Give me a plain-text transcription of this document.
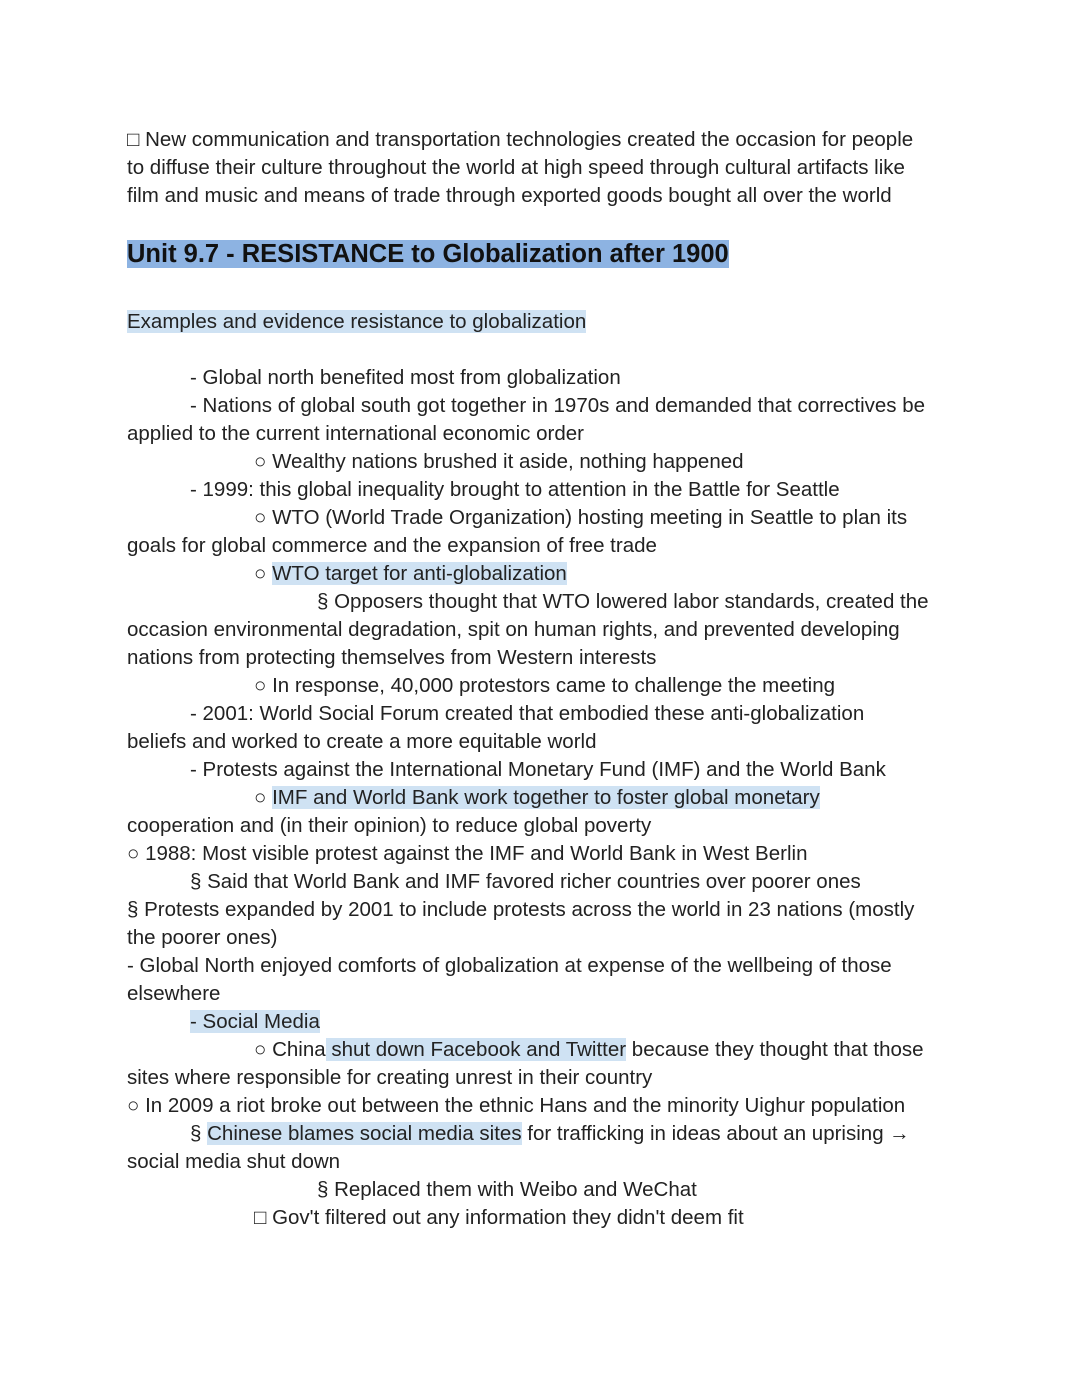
□ New communication and transportation technologies created the occasion for people
to diffuse their culture throughout the world at high speed through cultural artifacts like
film and music and means of trade through exported goods bought all over the world
Unit 9.7 - RESISTANCE to Globalization after 1900
Examples and evidence resistance to globalization
- Global north benefited most from globalization
- Nations of global south got together in 1970s and demanded that correctives be
applied to the current international economic order
○ Wealthy nations brushed it aside, nothing happened
- 1999: this global inequality brought to attention in the Battle for Seattle
○ WTO (World Trade Organization) hosting meeting in Seattle to plan its
goals for global commerce and the expansion of free trade
○ WTO target for anti-globalization
§ Opposers thought that WTO lowered labor standards, created the
occasion environmental degradation, spit on human rights, and prevented developing
nations from protecting themselves from Western interests
○ In response, 40,000 protestors came to challenge the meeting
- 2001: World Social Forum created that embodied these anti-globalization
beliefs and worked to create a more equitable world
- Protests against the International Monetary Fund (IMF) and the World Bank
○ IMF and World Bank work together to foster global monetary
cooperation and (in their opinion) to reduce global poverty
○ 1988: Most visible protest against the IMF and World Bank in West Berlin
§ Said that World Bank and IMF favored richer countries over poorer ones
§ Protests expanded by 2001 to include protests across the world in 23 nations (mostly
the poorer ones)
- Global North enjoyed comforts of globalization at expense of the wellbeing of those
elsewhere
- Social Media
○ China shut down Facebook and Twitter because they thought that those
sites where responsible for creating unrest in their country
○ In 2009 a riot broke out between the ethnic Hans and the minority Uighur population
§ Chinese blames social media sites for trafficking in ideas about an uprising →
social media shut down
§ Replaced them with Weibo and WeChat
□ Gov't filtered out any information they didn't deem fit
